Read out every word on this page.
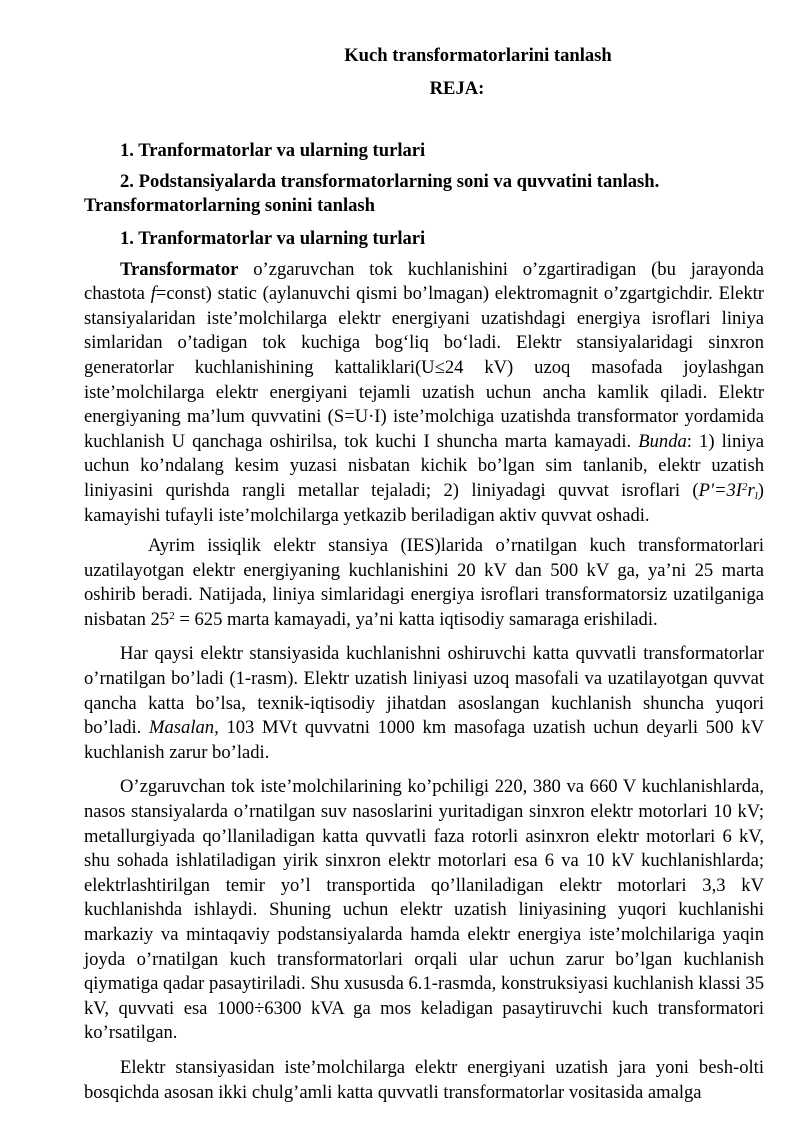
Kuch transformatorlarini tanlash

REJA:

1. Tranformatorlar va ularning turlari

2. Podstansiyalarda transformatorlarning soni va quvvatini tanlash. Transformatorlarning sonini tanlash

1. Tranformatorlar va ularning turlari

Transformator o’zgaruvchan tok kuchlanishini o’zgartiradigan (bu jarayonda chastota f=const) static (aylanuvchi qismi bo’lmagan) elektromagnit o’zgartgichdir. Elektr stansiyalaridan iste’molchilarga elektr energiyani uzatishdagi energiya isroflari liniya simlaridan o’tadigan tok kuchiga bog‘liq bo‘ladi. Elektr stansiyalaridagi sinxron generatorlar kuchlanishining kattaliklari(U≤24 kV) uzoq masofada joylashgan iste’molchilarga elektr energiyani tejamli uzatish uchun ancha kamlik qiladi. Elektr energiyaning ma’lum quvvatini (S=U·I) iste’molchiga uzatishda transformator yordamida kuchlanish U qanchaga oshirilsa, tok kuchi I shuncha marta kamayadi. Bunda: 1) liniya uchun ko’ndalang kesim yuzasi nisbatan kichik bo’lgan sim tanlanib, elektr uzatish liniyasini qurishda rangli metallar tejaladi; 2) liniyadagi quvvat isroflari $(P'=3I^2r_l)$ kamayishi tufayli iste’molchilarga yetkazib beriladigan aktiv quvvat oshadi.

Ayrim issiqlik elektr stansiya (IES)larida o’rnatilgan kuch transformatorlari uzatilayotgan elektr energiyaning kuchlanishini 20 kV dan 500 kV ga, ya’ni 25 marta oshirib beradi. Natijada, liniya simlaridagi energiya isroflari transformatorsiz uzatilganiga nisbatan $25^2 = 625$ marta kamayadi, ya’ni katta iqtisodiy samaraga erishiladi.

Har qaysi elektr stansiyasida kuchlanishni oshiruvchi katta quvvatli transformatorlar o’rnatilgan bo’ladi (1-rasm). Elektr uzatish liniyasi uzoq masofali va uzatilayotgan quvvat qancha katta bo’lsa, texnik-iqtisodiy jihatdan asoslangan kuchlanish shuncha yuqori bo’ladi. Masalan, 103 MVt quvvatni 1000 km masofaga uzatish uchun deyarli 500 kV kuchlanish zarur bo’ladi.

O’zgaruvchan tok iste’molchilarining ko’pchiligi 220, 380 va 660 V kuchlanishlarda, nasos stansiyalarda o’rnatilgan suv nasoslarini yuritadigan sinxron elektr motorlari 10 kV; metallurgiyada qo’llaniladigan katta quvvatli faza rotorli asinxron elektr motorlari 6 kV, shu sohada ishlatiladigan yirik sinxron elektr motorlari esa 6 va 10 kV kuchlanishlarda; elektrlashtirilgan temir yo’l transportida qo’llaniladigan elektr motorlari 3,3 kV kuchlanishda ishlaydi. Shuning uchun elektr uzatish liniyasining yuqori kuchlanishi markaziy va mintaqaviy podstansiyalarda hamda elektr energiya iste’molchilariga yaqin joyda o’rnatilgan kuch transformatorlari orqali ular uchun zarur bo’lgan kuchlanish qiymatiga qadar pasaytiriladi. Shu xususda 6.1-rasmda, konstruksiyasi kuchlanish klassi 35 kV, quvvati esa 1000÷6300 kVA ga mos keladigan pasaytiruvchi kuch transformatori ko’rsatilgan.

Elektr stansiyasidan iste’molchilarga elektr energiyani uzatish jara yoni besh-olti bosqichda asosan ikki chulg’amli katta quvvatli transformatorlar vositasida amalga
